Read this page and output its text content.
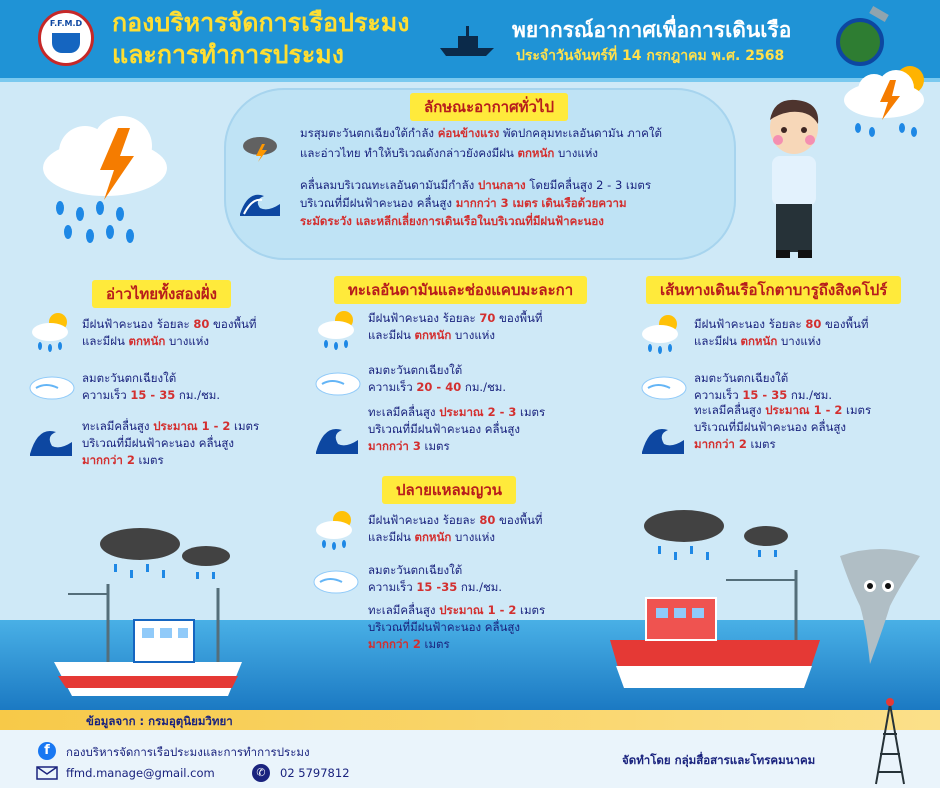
F.F.M.D	กองบริหารจัดการเรือประมง
และการทำการประมง
พยากรณ์อากาศเพื่อการเดินเรือ
ประจำวันจันทร์ที่ 14 กรกฎาคม พ.ศ. 2568
ลักษณะอากาศทั่วไป
มรสุมตะวันตกเฉียงใต้กำลัง ค่อนข้างแรง พัดปกคลุมทะเลอันดามัน ภาคใต้
และอ่าวไทย ทำให้บริเวณดังกล่าวยังคงมีฝน ตกหนัก บางแห่ง
คลื่นลมบริเวณทะเลอันดามันมีกำลัง ปานกลาง โดยมีคลื่นสูง 2 - 3 เมตร
บริเวณที่มีฝนฟ้าคะนอง คลื่นสูง มากกว่า 3 เมตร เดินเรือด้วยความ
ระมัดระวัง และหลีกเลี่ยงการเดินเรือในบริเวณที่มีฝนฟ้าคะนอง
อ่าวไทยทั้งสองฝั่ง
มีฝนฟ้าคะนอง ร้อยละ 80 ของพื้นที่
และมีฝน ตกหนัก บางแห่ง
ลมตะวันตกเฉียงใต้
ความเร็ว 15 - 35 กม./ชม.
ทะเลมีคลื่นสูง ประมาณ 1 - 2 เมตร
บริเวณที่มีฝนฟ้าคะนอง คลื่นสูง
มากกว่า 2 เมตร
ทะเลอันดามันและช่องแคบมะละกา
มีฝนฟ้าคะนอง ร้อยละ 70 ของพื้นที่
และมีฝน ตกหนัก บางแห่ง
ลมตะวันตกเฉียงใต้
ความเร็ว 20 - 40 กม./ชม.
ทะเลมีคลื่นสูง ประมาณ 2 - 3 เมตร
บริเวณที่มีฝนฟ้าคะนอง คลื่นสูง
มากกว่า 3 เมตร
เส้นทางเดินเรือโกตาบารูถึงสิงคโปร์
มีฝนฟ้าคะนอง ร้อยละ 80 ของพื้นที่
และมีฝน ตกหนัก บางแห่ง
ลมตะวันตกเฉียงใต้
ความเร็ว 15 - 35 กม./ชม.
ทะเลมีคลื่นสูง ประมาณ 1 - 2 เมตร
บริเวณที่มีฝนฟ้าคะนอง คลื่นสูง
มากกว่า 2 เมตร
ปลายแหลมญวน
มีฝนฟ้าคะนอง ร้อยละ 80 ของพื้นที่
และมีฝน ตกหนัก บางแห่ง
ลมตะวันตกเฉียงใต้
ความเร็ว 15 -35 กม./ชม.
ทะเลมีคลื่นสูง ประมาณ 1 - 2 เมตร
บริเวณที่มีฝนฟ้าคะนอง คลื่นสูง
มากกว่า 2 เมตร
ข้อมูลจาก : กรมอุตุนิยมวิทยา
f	กองบริหารจัดการเรือประมงและการทำการประมง
ffmd.manage@gmail.com	✆	02 5797812
จัดทำโดย กลุ่มสื่อสารและโทรคมนาคม
